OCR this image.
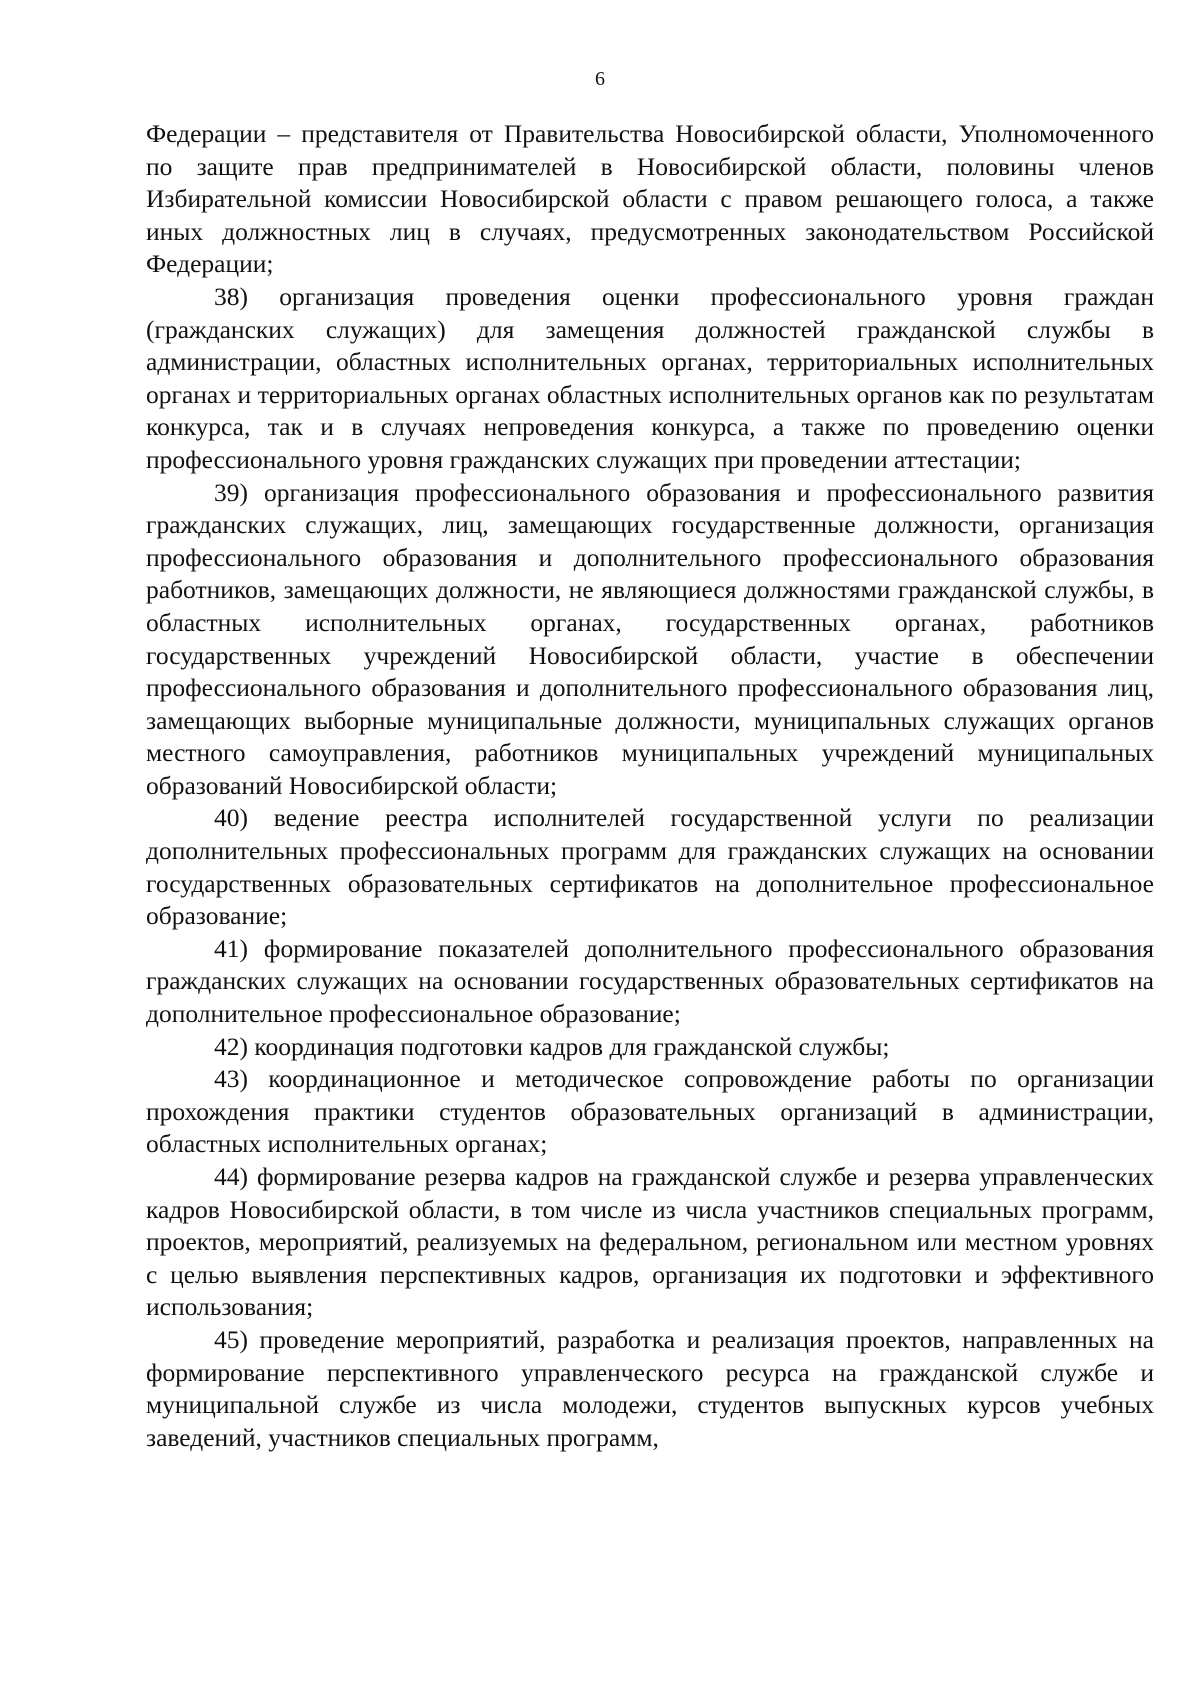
6

Федерации – представителя от Правительства Новосибирской области, Уполномоченного по защите прав предпринимателей в Новосибирской области, половины членов Избирательной комиссии Новосибирской области с правом решающего голоса, а также иных должностных лиц в случаях, предусмотренных законодательством Российской Федерации;

38) организация проведения оценки профессионального уровня граждан (гражданских служащих) для замещения должностей гражданской службы в администрации, областных исполнительных органах, территориальных исполнительных органах и территориальных органах областных исполнительных органов как по результатам конкурса, так и в случаях непроведения конкурса, а также по проведению оценки профессионального уровня гражданских служащих при проведении аттестации;

39) организация профессионального образования и профессионального развития гражданских служащих, лиц, замещающих государственные должности, организация профессионального образования и дополнительного профессионального образования работников, замещающих должности, не являющиеся должностями гражданской службы, в областных исполнительных органах, государственных органах, работников государственных учреждений Новосибирской области, участие в обеспечении профессионального образования и дополнительного профессионального образования лиц, замещающих выборные муниципальные должности, муниципальных служащих органов местного самоуправления, работников муниципальных учреждений муниципальных образований Новосибирской области;

40) ведение реестра исполнителей государственной услуги по реализации дополнительных профессиональных программ для гражданских служащих на основании государственных образовательных сертификатов на дополнительное профессиональное образование;

41) формирование показателей дополнительного профессионального образования гражданских служащих на основании государственных образовательных сертификатов на дополнительное профессиональное образование;

42) координация подготовки кадров для гражданской службы;

43) координационное и методическое сопровождение работы по организации прохождения практики студентов образовательных организаций в администрации, областных исполнительных органах;

44) формирование резерва кадров на гражданской службе и резерва управленческих кадров Новосибирской области, в том числе из числа участников специальных программ, проектов, мероприятий, реализуемых на федеральном, региональном или местном уровнях с целью выявления перспективных кадров, организация их подготовки и эффективного использования;

45) проведение мероприятий, разработка и реализация проектов, направленных на формирование перспективного управленческого ресурса на гражданской службе и муниципальной службе из числа молодежи, студентов выпускных курсов учебных заведений, участников специальных программ,
